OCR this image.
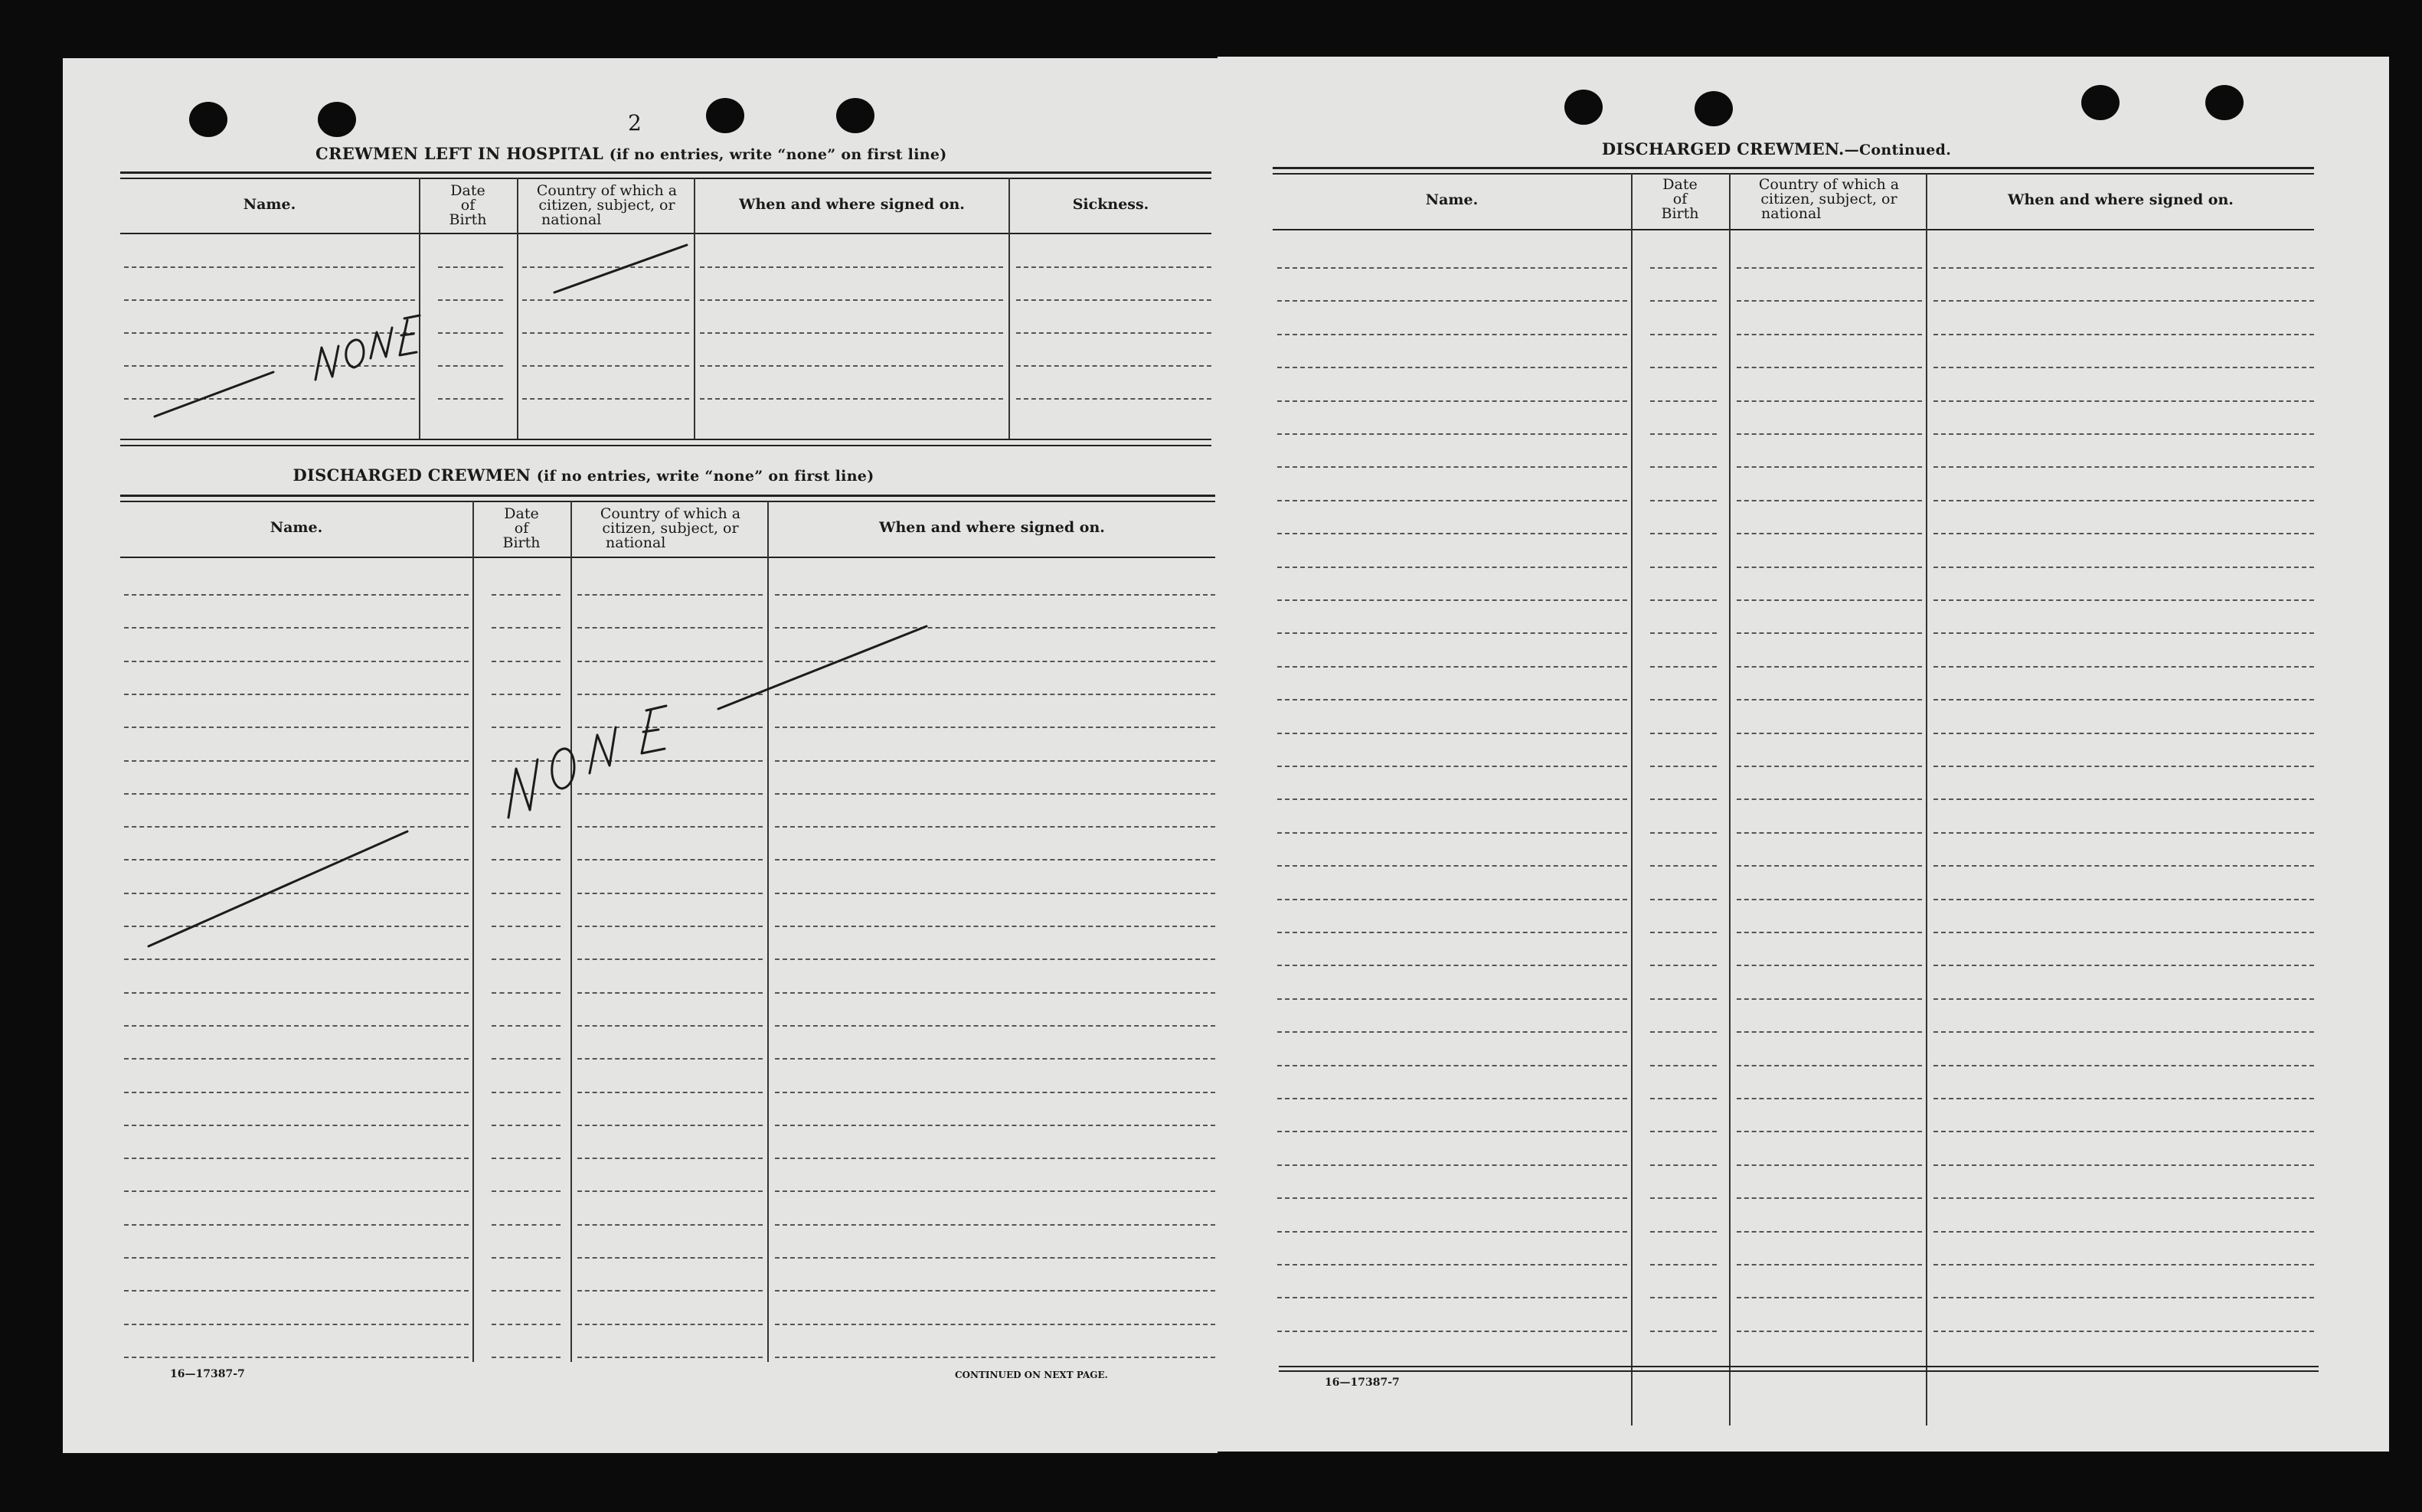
2
CREWMEN LEFT IN HOSPITAL (if no entries, write “none” on first line)
Name.
Date
of
Birth
Country of which a
citizen, subject, or
national
When and where signed on.	Sickness.
DISCHARGED CREWMEN (if no entries, write “none” on first line)
Name.
Date
of
Birth
Country of which a
citizen, subject, or
national
When and where signed on.
16—17387-7	CONTINUED ON NEXT PAGE.
DISCHARGED CREWMEN.—Continued.
Name.
Date
of
Birth
Country of which a
citizen, subject, or
national
When and where signed on.
16—17387-7
